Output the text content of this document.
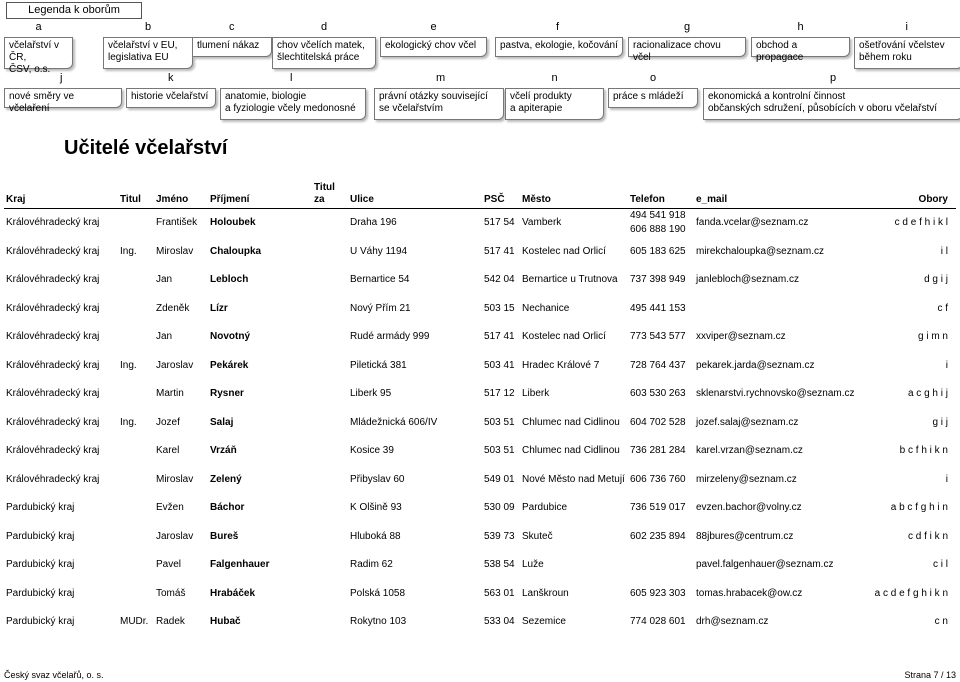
Legenda k oborům
a
včelařství v ČR,
ČSV, o.s.
b
včelařství v EU,
legislativa EU
c
tlumení nákaz
d
chov včelích matek,
šlechtitelská práce
e
ekologický chov včel
f
pastva, ekologie, kočování
g
racionalizace chovu včel
h
obchod a propagace
i
ošetřování včelstev
během roku
j
nové směry ve včelaření
k
historie včelařství
l
anatomie, biologie
a fyziologie včely medonosné
m
právní otázky související
se včelařstvím
n
včelí produkty
a apiterapie
o
práce s mládeží
p
ekonomická a kontrolní činnost
občanských sdružení, působících v oboru včelařství
Učitelé včelařství
Kraj	Titul	Jméno	Příjmení	Titul za	Ulice	PSČ	Město	Telefon	e_mail	Obory
Královéhradecký kraj		František	Holoubek		Draha 196	517 54	Vamberk	494 541 918 606 888 190	fanda.vcelar@seznam.cz	c d e f h i k l
Královéhradecký kraj	Ing.	Miroslav	Chaloupka		U Váhy 1194	517 41	Kostelec nad Orlicí	605 183 625	mirekchaloupka@seznam.cz	i l
Královéhradecký kraj		Jan	Lebloch		Bernartice 54	542 04	Bernartice u Trutnova	737 398 949	janlebloch@seznam.cz	d g i j
Královéhradecký kraj		Zdeněk	Lízr		Nový Přím 21	503 15	Nechanice	495 441 153		c f
Královéhradecký kraj		Jan	Novotný		Rudé armády 999	517 41	Kostelec nad Orlicí	773 543 577	xxviper@seznam.cz	g i m n
Královéhradecký kraj	Ing.	Jaroslav	Pekárek		Piletická 381	503 41	Hradec Králové 7	728 764 437	pekarek.jarda@seznam.cz	i
Královéhradecký kraj		Martin	Rysner		Liberk 95	517 12	Liberk	603 530 263	sklenarstvi.rychnovsko@seznam.cz	a c g h i j
Královéhradecký kraj	Ing.	Jozef	Salaj		Mládežnická 606/IV	503 51	Chlumec nad Cidlinou	604 702 528	jozef.salaj@seznam.cz	g i j
Královéhradecký kraj		Karel	Vrzáň		Kosice 39	503 51	Chlumec nad Cidlinou	736 281 284	karel.vrzan@seznam.cz	b c f h i k n
Královéhradecký kraj		Miroslav	Zelený		Přibyslav 60	549 01	Nové Město nad Metují	606 736 760	mirzeleny@seznam.cz	i
Pardubický kraj		Evžen	Báchor		K Olšině 93	530 09	Pardubice	736 519 017	evzen.bachor@volny.cz	a b c f g h i n
Pardubický kraj		Jaroslav	Bureš		Hluboká 88	539 73	Skuteč	602 235 894	88jbures@centrum.cz	c d f i k n
Pardubický kraj		Pavel	Falgenhauer		Radim 62	538 54	Luže		pavel.falgenhauer@seznam.cz	c i l
Pardubický kraj		Tomáš	Hrabáček		Polská 1058	563 01	Lanškroun	605 923 303	tomas.hrabacek@ow.cz	a c d e f g h i k n
Pardubický kraj	MUDr.	Radek	Hubač		Rokytno 103	533 04	Sezemice	774 028 601	drh@seznam.cz	c n
Český svaz včelařů, o. s.	Strana 7 / 13
